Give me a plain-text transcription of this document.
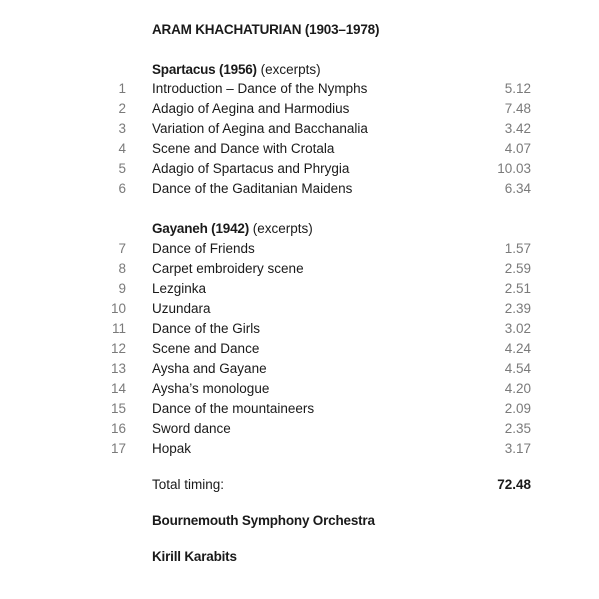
ARAM KHACHATURIAN (1903–1978)
Spartacus (1956) (excerpts)
1 Introduction – Dance of the Nymphs	5.12
2 Adagio of Aegina and Harmodius	7.48
3 Variation of Aegina and Bacchanalia	3.42
4 Scene and Dance with Crotala	4.07
5 Adagio of Spartacus and Phrygia	10.03
6 Dance of the Gaditanian Maidens	6.34
Gayaneh (1942) (excerpts)
7 Dance of Friends	1.57
8 Carpet embroidery scene	2.59
9 Lezginka	2.51
10 Uzundara	2.39
11 Dance of the Girls	3.02
12 Scene and Dance	4.24
13 Aysha and Gayane	4.54
14 Aysha’s monologue	4.20
15 Dance of the mountaineers	2.09
16 Sword dance	2.35
17 Hopak	3.17
Total timing:	72.48
Bournemouth Symphony Orchestra
Kirill Karabits
